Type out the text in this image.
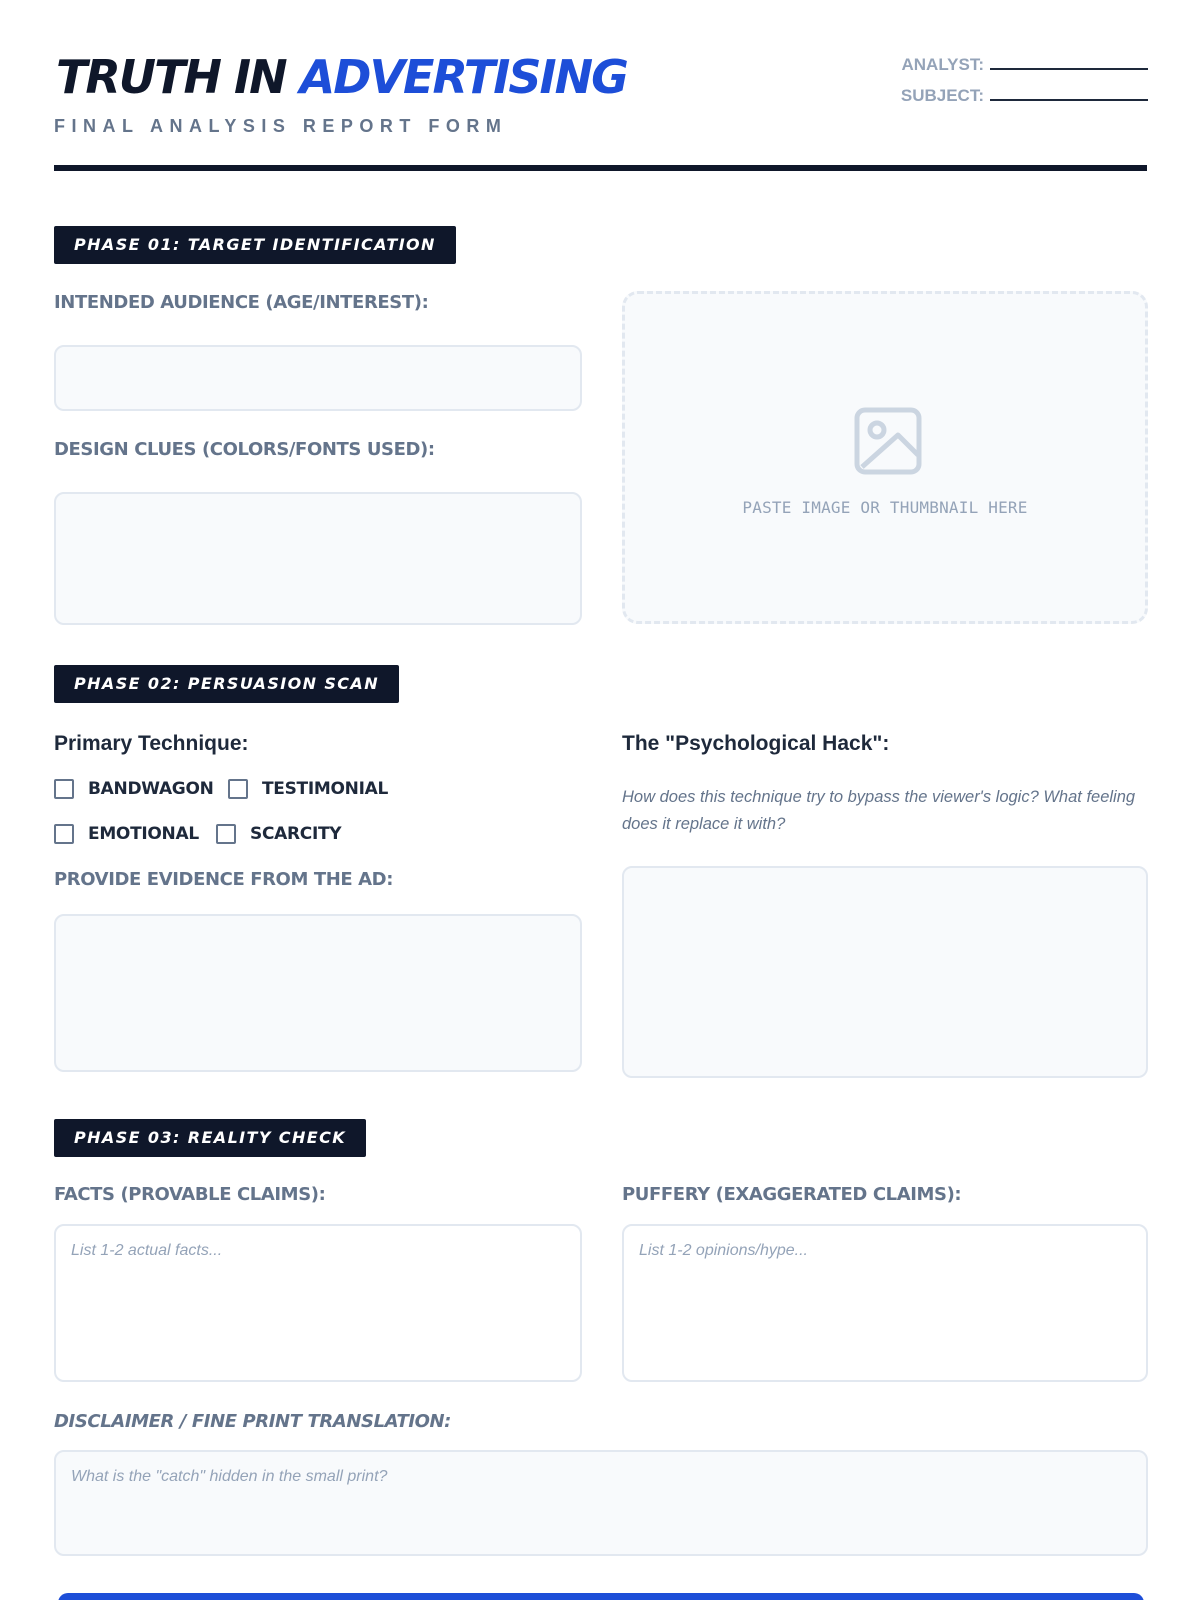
TRUTH IN ADVERTISING
FINAL ANALYSIS REPORT FORM
ANALYST:
SUBJECT:
PHASE 01: TARGET IDENTIFICATION
INTENDED AUDIENCE (AGE/INTEREST):
DESIGN CLUES (COLORS/FONTS USED):
PASTE IMAGE OR THUMBNAIL HERE
PHASE 02: PERSUASION SCAN
Primary Technique:
BANDWAGON	TESTIMONIAL
EMOTIONAL	SCARCITY
PROVIDE EVIDENCE FROM THE AD:
The "Psychological Hack":
How does this technique try to bypass the viewer's logic? What feeling does it replace it with?
PHASE 03: REALITY CHECK
FACTS (PROVABLE CLAIMS):
List 1-2 actual facts...
PUFFERY (EXAGGERATED CLAIMS):
List 1-2 opinions/hype...
DISCLAIMER / FINE PRINT TRANSLATION:
What is the "catch" hidden in the small print?
